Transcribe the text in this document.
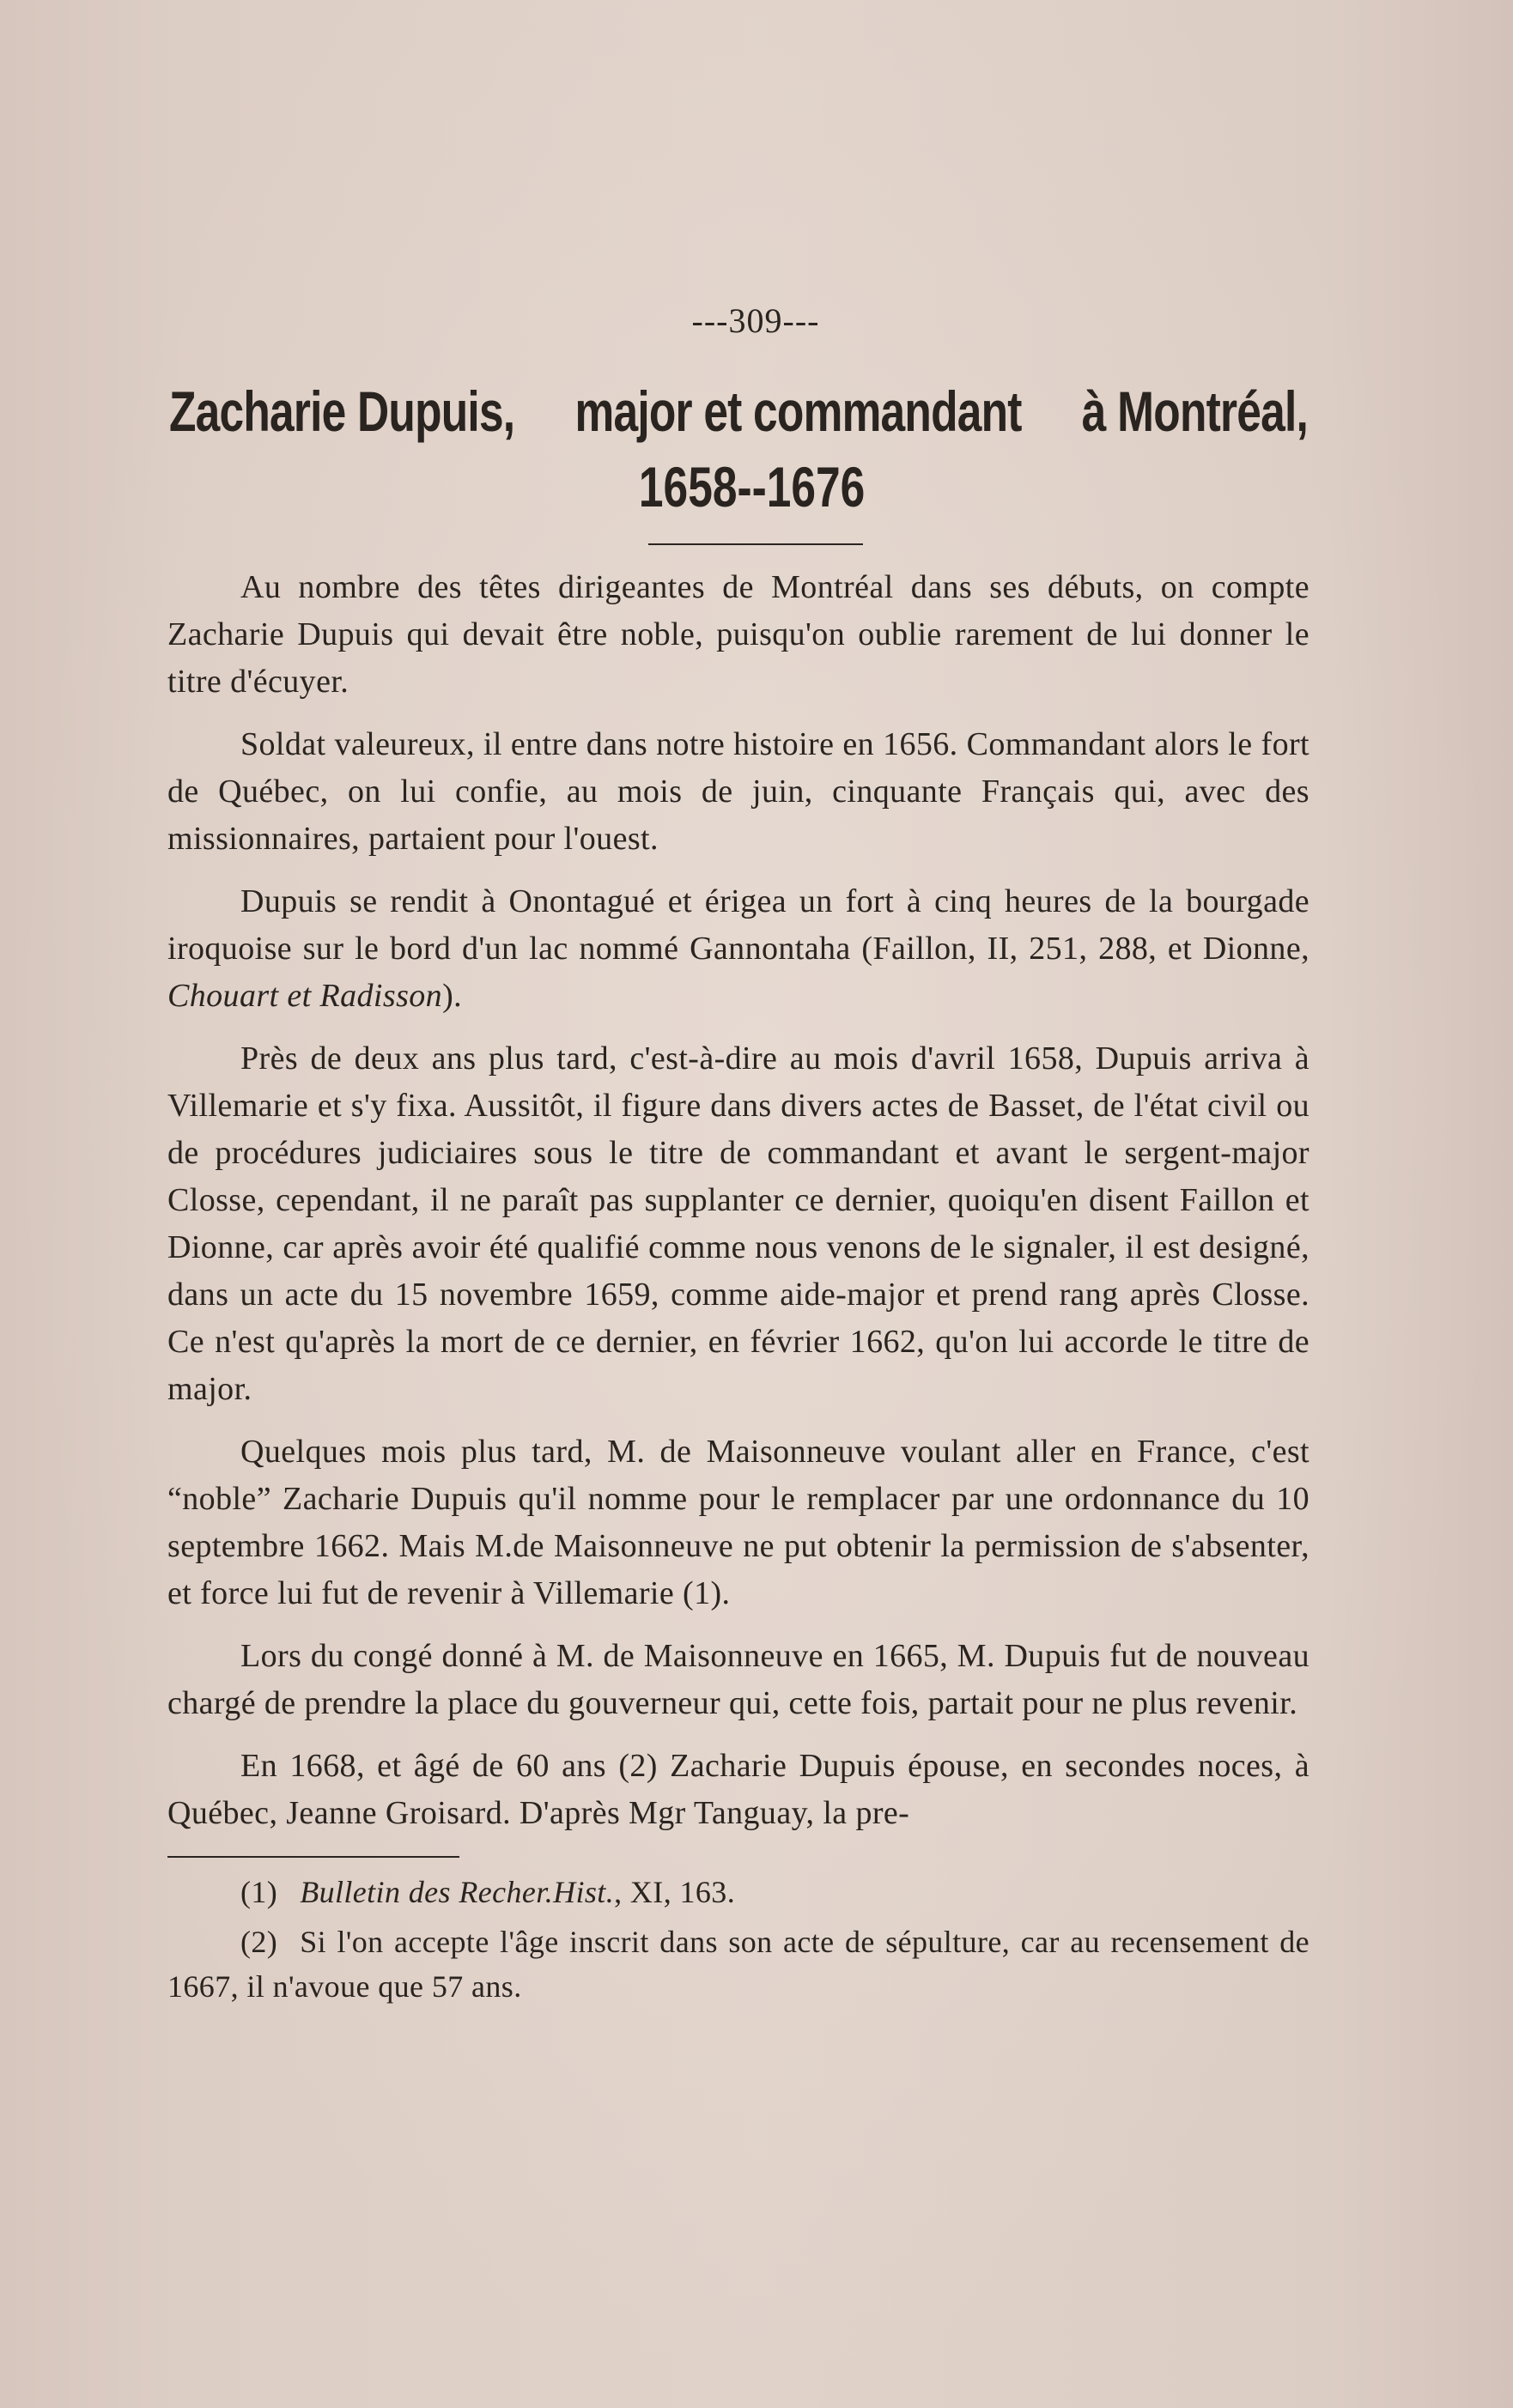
---309---
Zacharie Dupuis, major et commandant à Montréal,
1658--1676

Au nombre des têtes dirigeantes de Montréal dans ses débuts, on compte Zacharie Dupuis qui devait être noble, puisqu'on oublie rarement de lui donner le titre d'écuyer.

Soldat valeureux, il entre dans notre histoire en 1656. Commandant alors le fort de Québec, on lui confie, au mois de juin, cinquante Français qui, avec des missionnaires, partaient pour l'ouest.

Dupuis se rendit à Onontagué et érigea un fort à cinq heures de la bourgade iroquoise sur le bord d'un lac nommé Gannontaha (Faillon, II, 251, 288, et Dionne, Chouart et Radisson).

Près de deux ans plus tard, c'est-à-dire au mois d'avril 1658, Dupuis arriva à Villemarie et s'y fixa. Aussitôt, il figure dans divers actes de Basset, de l'état civil ou de procédures judiciaires sous le titre de commandant et avant le sergent-major Closse, cependant, il ne paraît pas supplanter ce dernier, quoiqu'en disent Faillon et Dionne, car après avoir été qualifié comme nous venons de le signaler, il est designé, dans un acte du 15 novembre 1659, comme aide-major et prend rang après Closse. Ce n'est qu'après la mort de ce dernier, en février 1662, qu'on lui accorde le titre de major.

Quelques mois plus tard, M. de Maisonneuve voulant aller en France, c'est “noble” Zacharie Dupuis qu'il nomme pour le remplacer par une ordonnance du 10 septembre 1662. Mais M.de Maisonneuve ne put obtenir la permission de s'absenter, et force lui fut de revenir à Villemarie (1).

Lors du congé donné à M. de Maisonneuve en 1665, M. Dupuis fut de nouveau chargé de prendre la place du gouverneur qui, cette fois, partait pour ne plus revenir.

En 1668, et âgé de 60 ans (2) Zacharie Dupuis épouse, en secondes noces, à Québec, Jeanne Groisard. D'après Mgr Tanguay, la pre-

(1) Bulletin des Recher.Hist., XI, 163.

(2) Si l'on accepte l'âge inscrit dans son acte de sépulture, car au recensement de 1667, il n'avoue que 57 ans.
